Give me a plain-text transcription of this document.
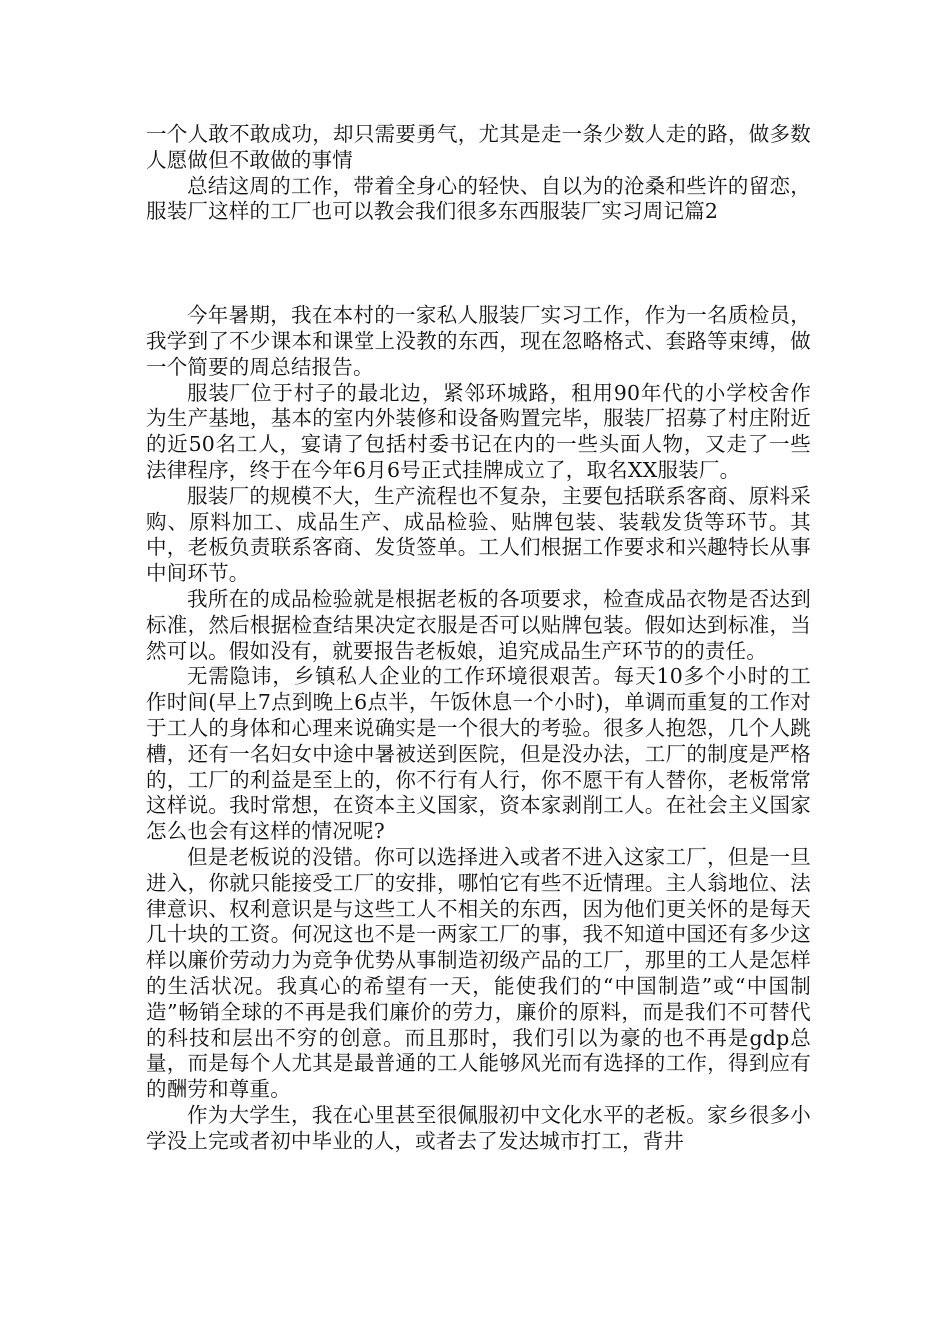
一个人敢不敢成功，却只需要勇气，尤其是走一条少数人走的路，做多数人愿做但不敢做的事情

总结这周的工作，带着全身心的轻快、自以为的沧桑和些许的留恋，服装厂这样的工厂也可以教会我们很多东西服装厂实习周记篇2

今年暑期，我在本村的一家私人服装厂实习工作，作为一名质检员，我学到了不少课本和课堂上没教的东西，现在忽略格式、套路等束缚，做一个简要的周总结报告。

服装厂位于村子的最北边，紧邻环城路，租用90年代的小学校舍作为生产基地，基本的室内外装修和设备购置完毕，服装厂招募了村庄附近的近50名工人，宴请了包括村委书记在内的一些头面人物，又走了一些法律程序，终于在今年6月6号正式挂牌成立了，取名XX服装厂。

服装厂的规模不大，生产流程也不复杂，主要包括联系客商、原料采购、原料加工、成品生产、成品检验、贴牌包装、装载发货等环节。其中，老板负责联系客商、发货签单。工人们根据工作要求和兴趣特长从事中间环节。

我所在的成品检验就是根据老板的各项要求，检查成品衣物是否达到标准，然后根据检查结果决定衣服是否可以贴牌包装。假如达到标准，当然可以。假如没有，就要报告老板娘，追究成品生产环节的的责任。

无需隐讳，乡镇私人企业的工作环境很艰苦。每天10多个小时的工作时间(早上7点到晚上6点半，午饭休息一个小时)，单调而重复的工作对于工人的身体和心理来说确实是一个很大的考验。很多人抱怨，几个人跳槽，还有一名妇女中途中暑被送到医院，但是没办法，工厂的制度是严格的，工厂的利益是至上的，你不行有人行，你不愿干有人替你，老板常常这样说。我时常想，在资本主义国家，资本家剥削工人。在社会主义国家怎么也会有这样的情况呢?

但是老板说的没错。你可以选择进入或者不进入这家工厂，但是一旦进入，你就只能接受工厂的安排，哪怕它有些不近情理。主人翁地位、法律意识、权利意识是与这些工人不相关的东西，因为他们更关怀的是每天几十块的工资。何况这也不是一两家工厂的事，我不知道中国还有多少这样以廉价劳动力为竞争优势从事制造初级产品的工厂，那里的工人是怎样的生活状况。我真心的希望有一天，能使我们的“中国制造”或“中国制造”畅销全球的不再是我们廉价的劳力，廉价的原料，而是我们不可替代的科技和层出不穷的创意。而且那时，我们引以为豪的也不再是gdp总量，而是每个人尤其是最普通的工人能够风光而有选择的工作，得到应有的酬劳和尊重。

作为大学生，我在心里甚至很佩服初中文化水平的老板。家乡很多小学没上完或者初中毕业的人，或者去了发达城市打工，背井
